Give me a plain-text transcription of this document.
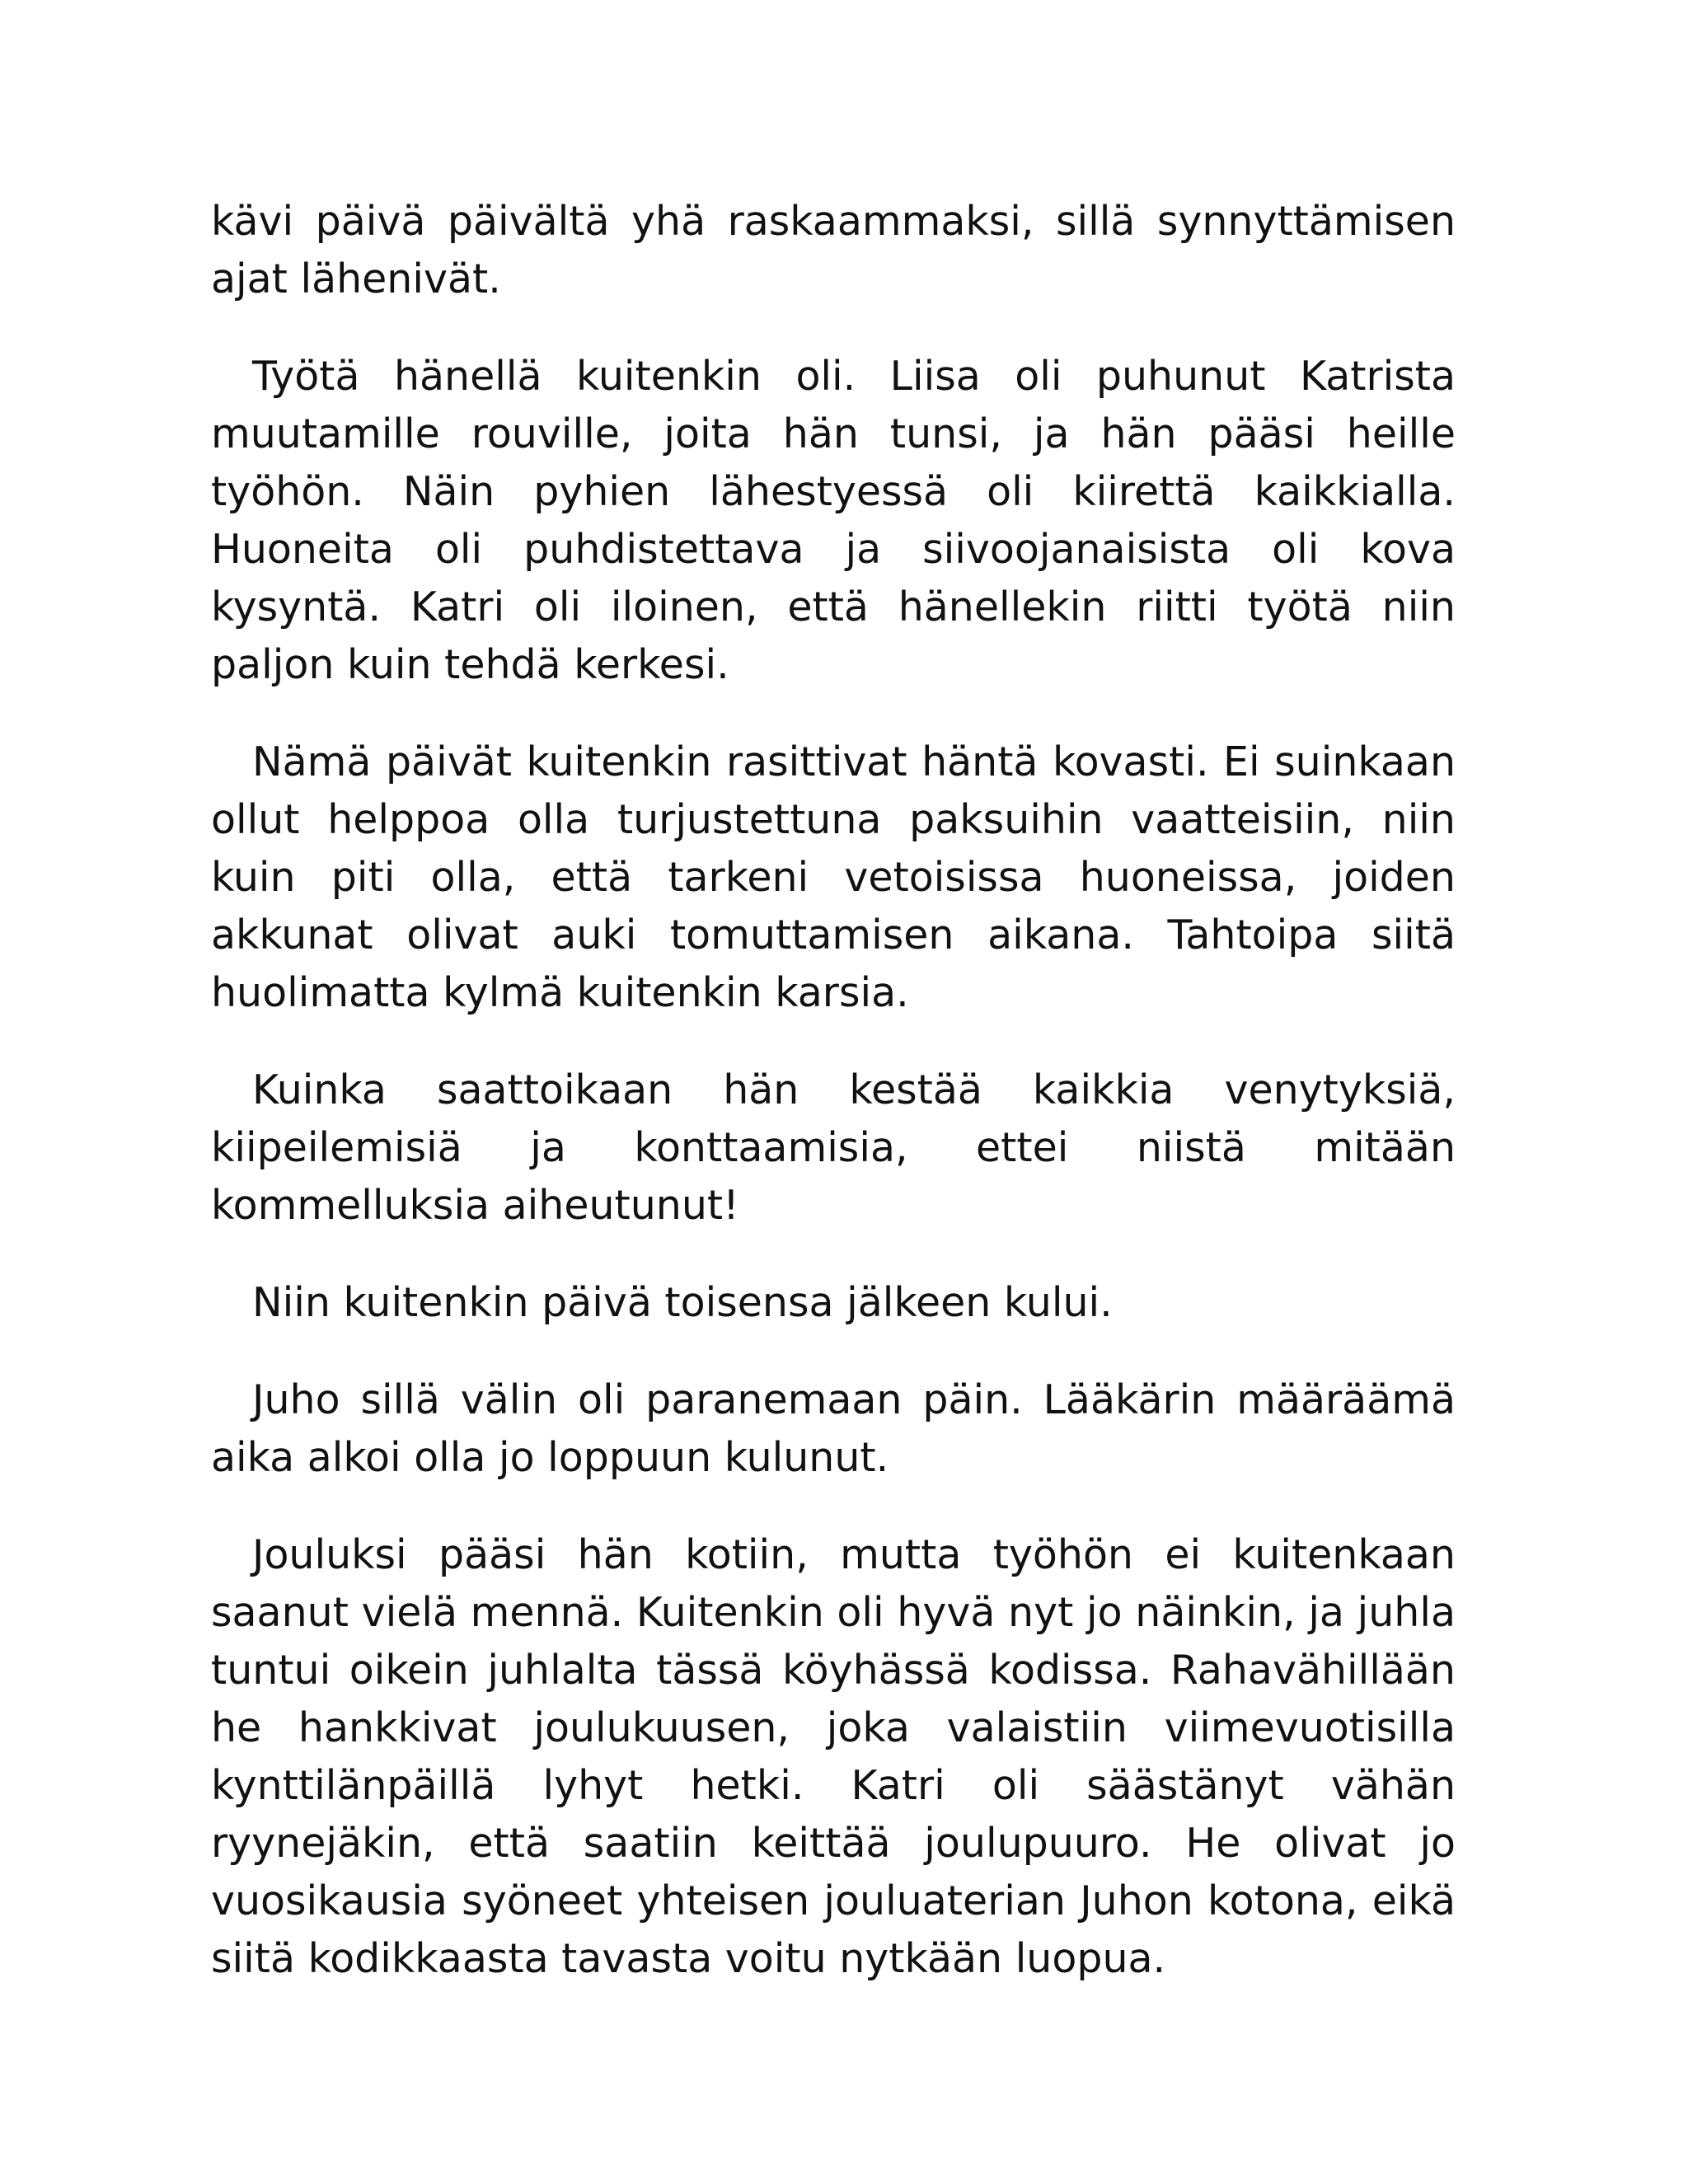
kävi päivä päivältä yhä raskaammaksi, sillä synnyttämisen ajat lähenivät.

Työtä hänellä kuitenkin oli. Liisa oli puhunut Katrista muutamille rouville, joita hän tunsi, ja hän pääsi heille työhön. Näin pyhien lähestyessä oli kiirettä kaikkialla. Huoneita oli puhdistettava ja siivoojanaisista oli kova kysyntä. Katri oli iloinen, että hänellekin riitti työtä niin paljon kuin tehdä kerkesi.

Nämä päivät kuitenkin rasittivat häntä kovasti. Ei suinkaan ollut helppoa olla turjustettuna paksuihin vaatteisiin, niin kuin piti olla, että tarkeni vetoisissa huoneissa, joiden akkunat olivat auki tomuttamisen aikana. Tahtoipa siitä huolimatta kylmä kuitenkin karsia.

Kuinka saattoikaan hän kestää kaikkia venytyksiä, kiipeilemisiä ja konttaamisia, ettei niistä mitään kommelluksia aiheutunut!

Niin kuitenkin päivä toisensa jälkeen kului.

Juho sillä välin oli paranemaan päin. Lääkärin määräämä aika alkoi olla jo loppuun kulunut.

Jouluksi pääsi hän kotiin, mutta työhön ei kuitenkaan saanut vielä mennä. Kuitenkin oli hyvä nyt jo näinkin, ja juhla tuntui oikein juhlalta tässä köyhässä kodissa. Rahavähillään he hankkivat joulukuusen, joka valaistiin viimevuotisilla kynttilänpäillä lyhyt hetki. Katri oli säästänyt vähän ryynejäkin, että saatiin keittää joulupuuro. He olivat jo vuosikausia syöneet yhteisen jouluaterian Juhon kotona, eikä siitä kodikkaasta tavasta voitu nytkään luopua.
